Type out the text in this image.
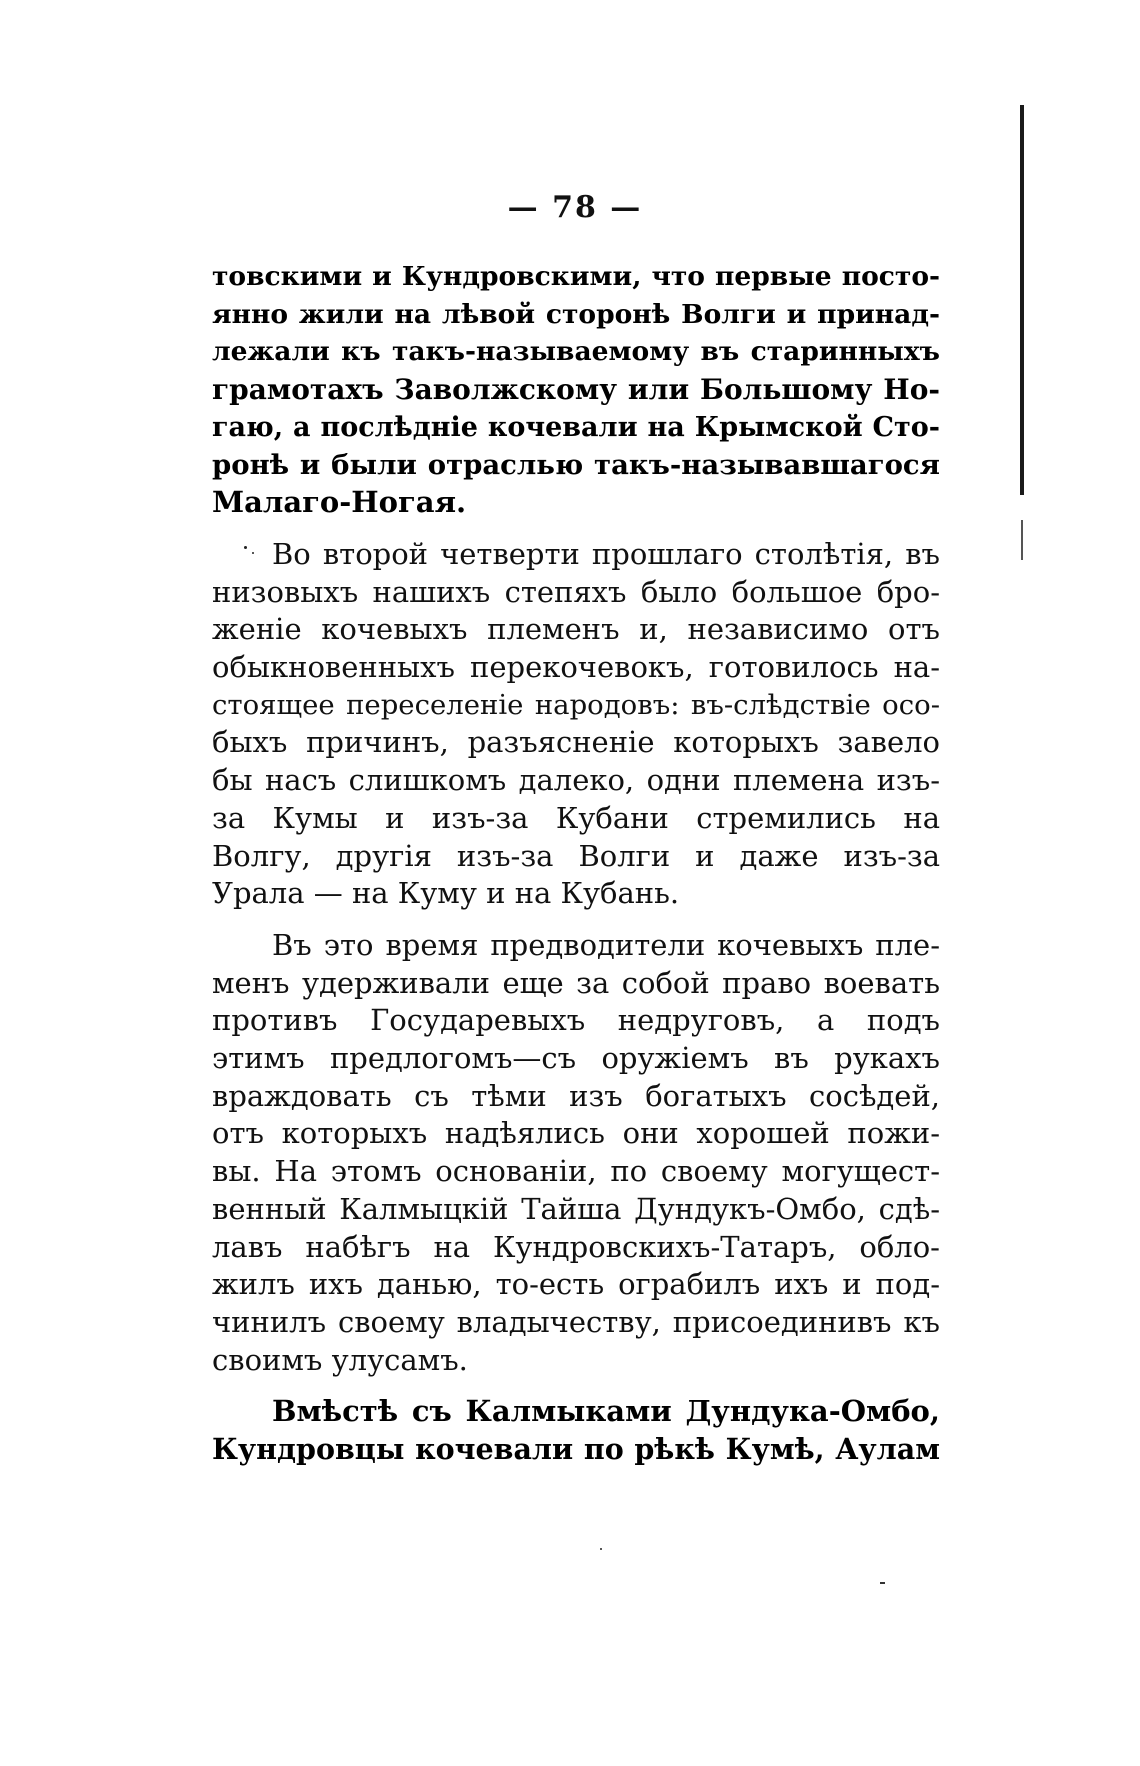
— 78 —
товскими и Кундровскими, что первые посто-
янно жили на лѣвой сторонѣ Волги и принад-
лежали къ такъ-называемому въ старинныхъ
грамотахъ Заволжскому или Большому Но-
гаю, а послѣдніе кочевали на Крымской Сто-
ронѣ и были отраслью такъ-называвшагося
Малаго-Ногая.
Во второй четверти прошлаго столѣтія, въ
низовыхъ нашихъ степяхъ было большое бро-
женіе кочевыхъ племенъ и, независимо отъ
обыкновенныхъ перекочевокъ, готовилось на-
стоящее переселеніе народовъ: въ-слѣдствіе осо-
быхъ причинъ, разъясненіе которыхъ завело
бы насъ слишкомъ далеко, одни племена изъ-
за Кумы и изъ-за Кубани стремились на
Волгу, другія изъ-за Волги и даже изъ-за
Урала — на Куму и на Кубань.
Въ это время предводители кочевыхъ пле-
менъ удерживали еще за собой право воевать
противъ Государевыхъ недруговъ, а подъ
этимъ предлогомъ—съ оружіемъ въ рукахъ
враждовать съ тѣми изъ богатыхъ сосѣдей,
отъ которыхъ надѣялись они хорошей пожи-
вы. На этомъ основаніи, по своему могущест-
венный Калмыцкій Тайша Дундукъ-Омбо, сдѣ-
лавъ набѣгъ на Кундровскихъ-Татаръ, обло-
жилъ ихъ данью, то-есть ограбилъ ихъ и под-
чинилъ своему владычеству, присоединивъ къ
своимъ улусамъ.
Вмѣстѣ съ Калмыками Дундука-Омбо,
Кундровцы кочевали по рѣкѣ Кумѣ, Аулам
